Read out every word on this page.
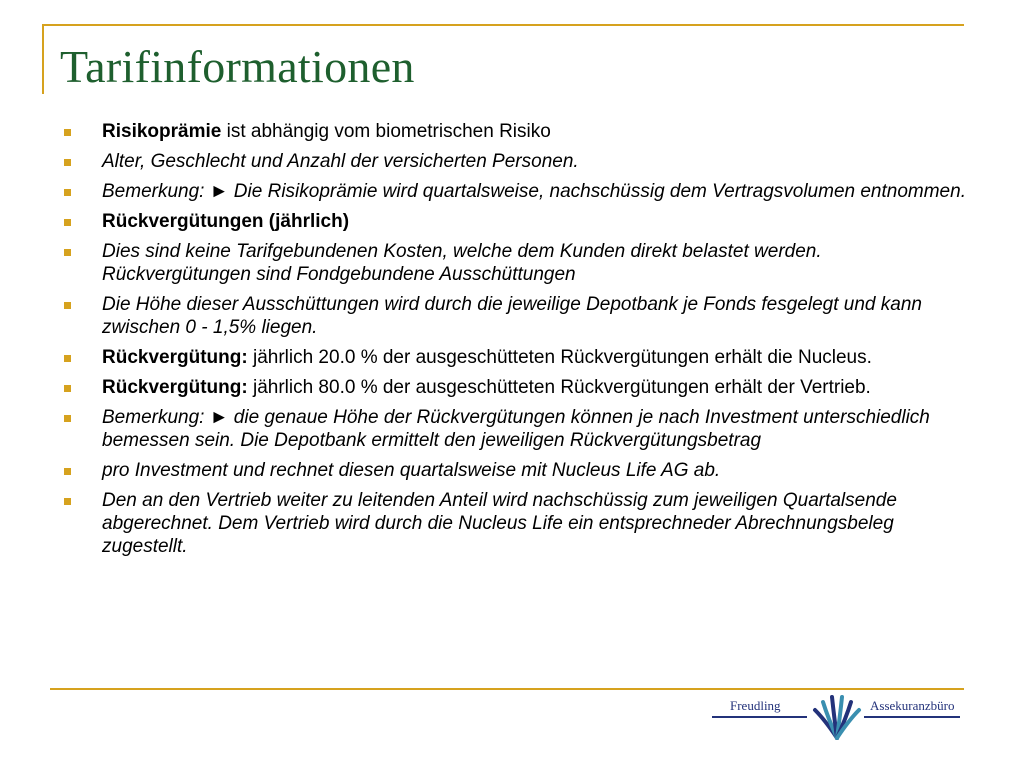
Tarifinformationen
Risikoprämie ist abhängig vom biometrischen Risiko
Alter, Geschlecht und Anzahl der versicherten Personen.
Bemerkung: ► Die Risikoprämie wird quartalsweise, nachschüssig dem Vertragsvolumen entnommen.
Rückvergütungen (jährlich)
Dies sind keine Tarifgebundenen Kosten, welche dem Kunden direkt belastet werden. Rückvergütungen sind Fondgebundene Ausschüttungen
Die Höhe dieser Ausschüttungen wird durch die jeweilige Depotbank je Fonds fesgelegt und kann zwischen 0 - 1,5% liegen.
Rückvergütung: jährlich 20.0 % der ausgeschütteten Rückvergütungen erhält die Nucleus.
Rückvergütung: jährlich 80.0 % der ausgeschütteten Rückvergütungen erhält der Vertrieb.
Bemerkung: ► die genaue Höhe der Rückvergütungen können je nach Investment unterschiedlich bemessen sein. Die Depotbank ermittelt den jeweiligen Rückvergütungsbetrag
pro Investment und rechnet diesen quartalsweise mit Nucleus Life AG ab.
Den an den Vertrieb weiter zu leitenden Anteil wird nachschüssig zum jeweiligen Quartalsende abgerechnet. Dem Vertrieb wird durch die Nucleus Life ein entsprechneder Abrechnungsbeleg zugestellt.
Freudling	Assekuranzbüro
